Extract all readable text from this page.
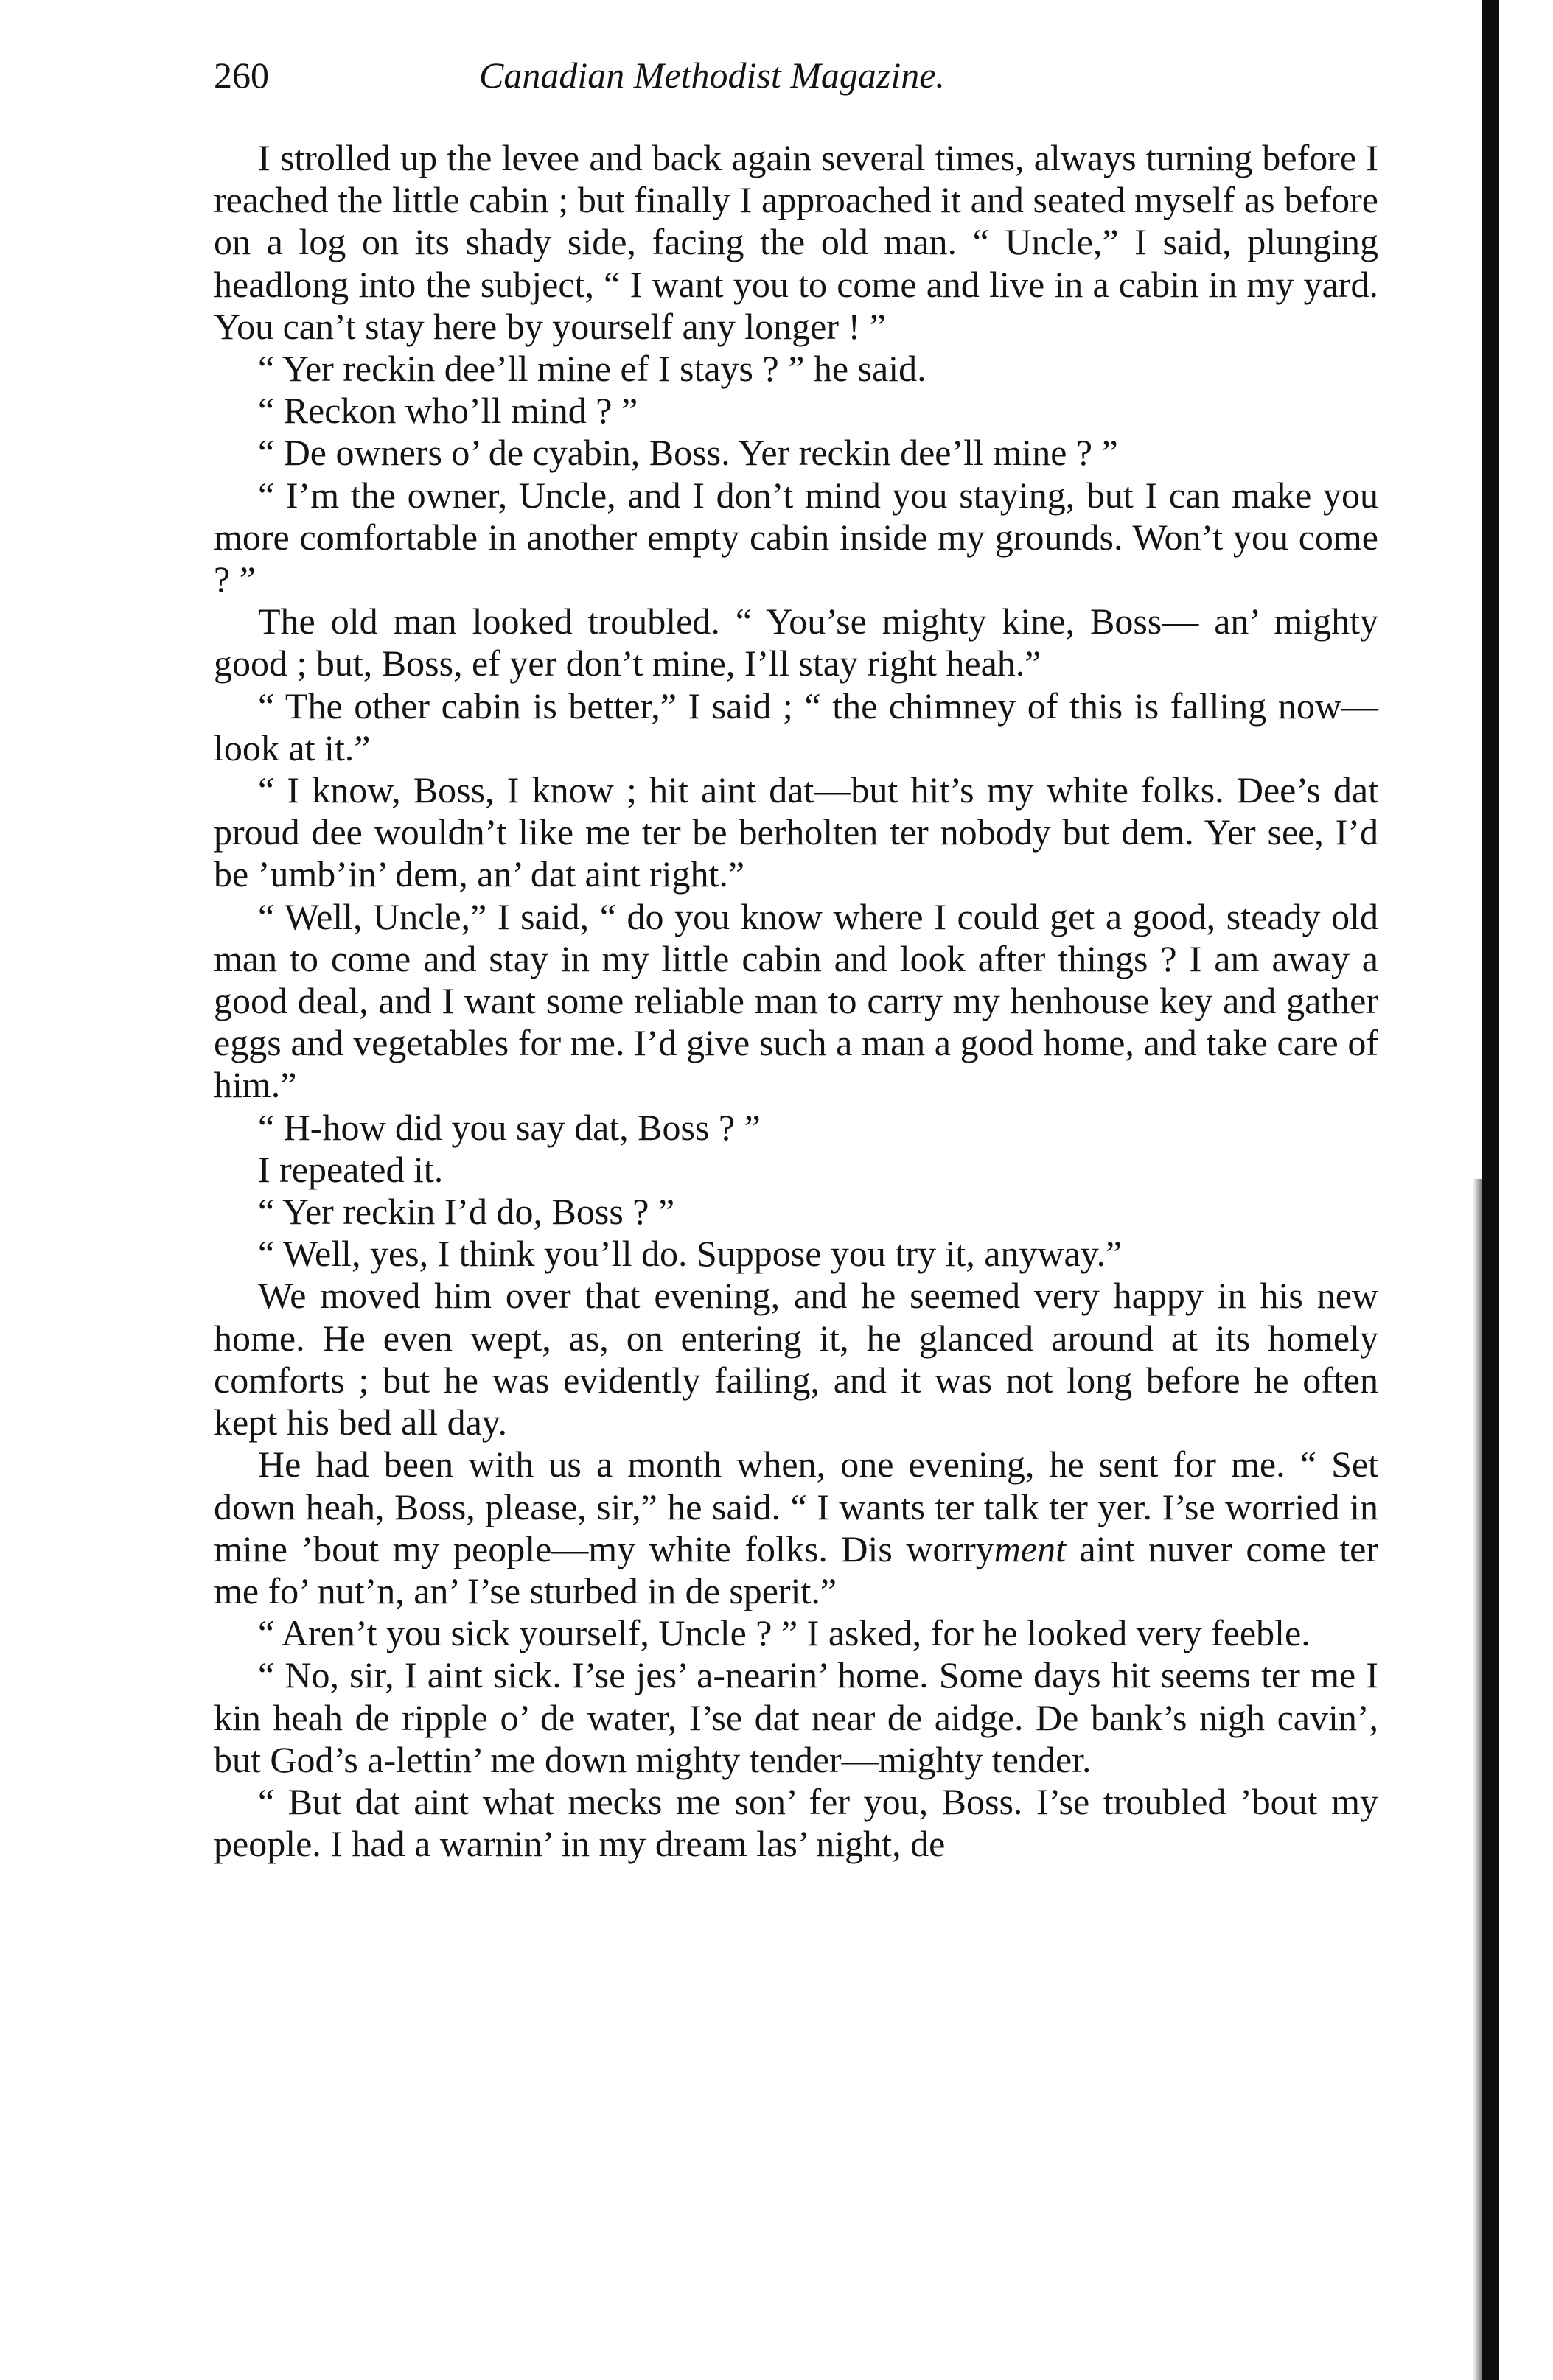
260	Canadian Methodist Magazine.

I strolled up the levee and back again several times, always turning before I reached the little cabin ; but finally I approached it and seated myself as before on a log on its shady side, facing the old man. “ Uncle,” I said, plunging headlong into the subject, “ I want you to come and live in a cabin in my yard. You can’t stay here by yourself any longer ! ”

“ Yer reckin dee’ll mine ef I stays ? ” he said.

“ Reckon who’ll mind ? ”

“ De owners o’ de cyabin, Boss. Yer reckin dee’ll mine ? ”

“ I’m the owner, Uncle, and I don’t mind you staying, but I can make you more comfortable in another empty cabin inside my grounds. Won’t you come ? ”

The old man looked troubled. “ You’se mighty kine, Boss— an’ mighty good ; but, Boss, ef yer don’t mine, I’ll stay right heah.”

“ The other cabin is better,” I said ; “ the chimney of this is falling now—look at it.”

“ I know, Boss, I know ; hit aint dat—but hit’s my white folks. Dee’s dat proud dee wouldn’t like me ter be berholten ter nobody but dem. Yer see, I’d be ’umb’in’ dem, an’ dat aint right.”

“ Well, Uncle,” I said, “ do you know where I could get a good, steady old man to come and stay in my little cabin and look after things ? I am away a good deal, and I want some reliable man to carry my henhouse key and gather eggs and vegetables for me. I’d give such a man a good home, and take care of him.”

“ H-how did you say dat, Boss ? ”

I repeated it.

“ Yer reckin I’d do, Boss ? ”

“ Well, yes, I think you’ll do. Suppose you try it, anyway.”

We moved him over that evening, and he seemed very happy in his new home. He even wept, as, on entering it, he glanced around at its homely comforts ; but he was evidently failing, and it was not long before he often kept his bed all day.

He had been with us a month when, one evening, he sent for me. “ Set down heah, Boss, please, sir,” he said. “ I wants ter talk ter yer. I’se worried in mine ’bout my people—my white folks. Dis worryment aint nuver come ter me fo’ nut’n, an’ I’se sturbed in de sperit.”

“ Aren’t you sick yourself, Uncle ? ” I asked, for he looked very feeble.

“ No, sir, I aint sick. I’se jes’ a-nearin’ home. Some days hit seems ter me I kin heah de ripple o’ de water, I’se dat near de aidge. De bank’s nigh cavin’, but God’s a-lettin’ me down mighty tender—mighty tender.

“ But dat aint what mecks me son’ fer you, Boss. I’se troubled ’bout my people. I had a warnin’ in my dream las’ night, de
